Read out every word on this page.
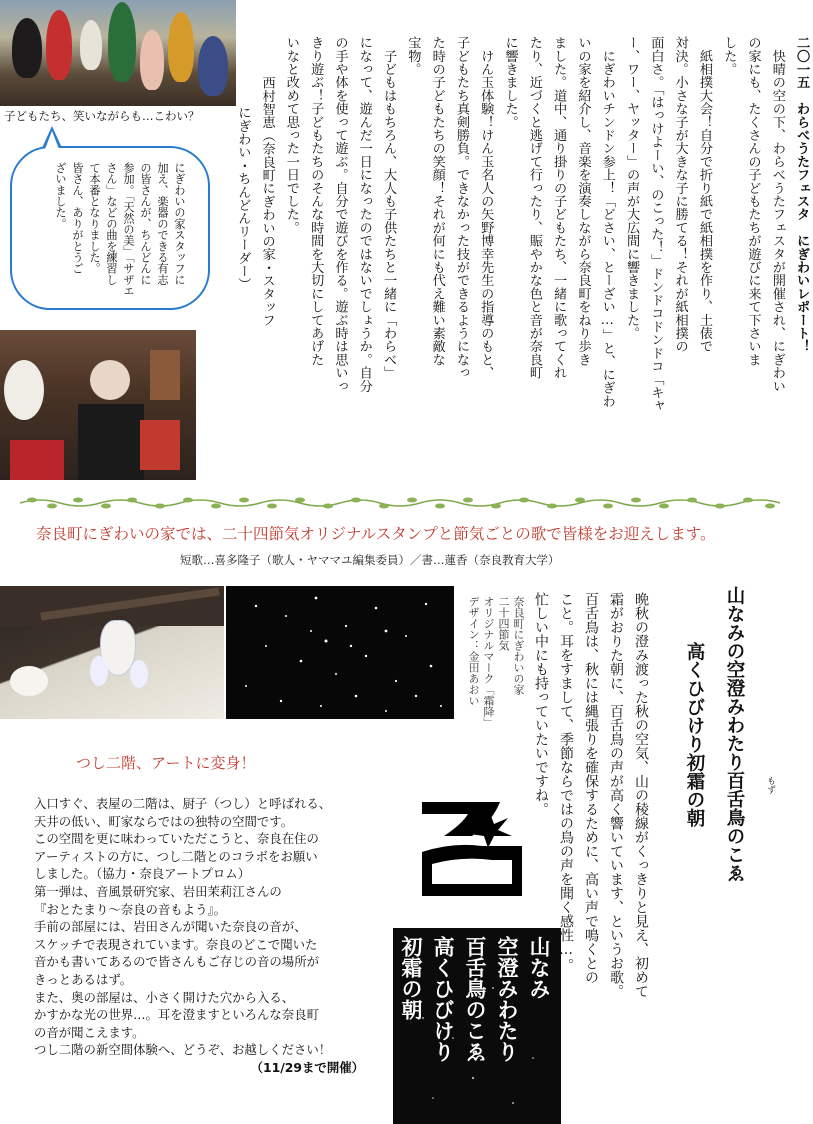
子どもたち、笑いながらも…こわい？
にぎわいの家スタッフに
加え、楽器のできる有志
の皆さんが、ちんどんに
参加。「天然の美」「サザエ
さん」などの曲を練習し
て本番となりました。
皆さん、ありがとうご
ざいました。	二〇一五　わらべうたフェスタ　にぎわいレポート！
　快晴の空の下、わらべうたフェスタが開催され、にぎわい
の家にも、たくさんの子どもたちが遊びに来て下さいま
した。
　紙相撲大会！自分で折り紙で紙相撲を作り、土俵で
対決。小さな子が大きな子に勝てる！それが紙相撲の
面白さ。「はっけよーい、のこった！」ドンドコドンドコ「キャ
ー、ワー、ヤッター」の声が大広間に響きました。
　にぎわいチンドン参上！「どさい、とーざい…」と、にぎわ
いの家を紹介し、音楽を演奏しながら奈良町をねり歩き
ました。道中、通り掛りの子どもたち、一緒に歌ってくれ
たり、近づくと逃げて行ったり、賑やかな色と音が奈良町
に響きました。
　けん玉体験！けん玉名人の矢野博幸先生の指導のもと、
子どもたち真剣勝負。できなかった技ができるようになっ
た時の子どもたちの笑顔！それが何にも代え難い素敵な
宝物。
　子どもはもちろん、大人も子供たちと一緒に「わらべ」
になって、遊んだ一日になったのではないでしょうか。自分
の手や体を使って遊ぶ。自分で遊びを作る。遊ぶ時は思いっ
きり遊ぶ！子どもたちのそんな時間を大切にしてあげた
いなと改めて思った一日でした。
西村智恵（奈良町にぎわいの家・スタッフ
にぎわい・ちんどんリーダー）
奈良町にぎわいの家では、二十四節気オリジナルスタンプと節気ごとの歌で皆様をお迎えします。
短歌…喜多隆子（歌人・ヤママユ編集委員）／書…蓮香（奈良教育大学）
つし二階、アートに変身！
入口すぐ、表屋の二階は、厨子（つし）と呼ばれる、
天井の低い、町家ならではの独特の空間です。
この空間を更に味わっていただこうと、奈良在住の
アーティストの方に、つし二階とのコラボをお願い
しました。（協力・奈良アートプロム）
第一弾は、音風景研究家、岩田茉莉江さんの
『おとたまり～奈良の音もよう』。
手前の部屋には、岩田さんが聞いた奈良の音が、
スケッチで表現されています。奈良のどこで聞いた
音かも書いてあるので皆さんもご存じの音の場所が
きっとあるはず。
また、奥の部屋は、小さく開けた穴から入る、
かすかな光の世界…。耳を澄ますといろんな奈良町
の音が聞こえます。
つし二階の新空間体験へ、どうぞ、お越しください！
（11/29まで開催）
奈良町にぎわいの家
二十四節気
オリジナルマーク「霜降」
デザイン：金田あおい
山なみ
空澄みわたり
百舌鳥のこゑ
高くひびけり
初霜の朝	晩秋の澄み渡った秋の空気、山の稜線がくっきりと見え、初めて
霜がおりた朝に、百舌鳥の声が高く響いています、というお歌。
百舌鳥は、秋には縄張りを確保するために、高い声で鳴くとの
こと。耳をすまして、季節ならではの鳥の声を聞く感性…。
忙しい中にも持っていたいですね。	山なみの空澄みわたり百舌鳥のこゑ
高くひびけり初霜の朝	もず
